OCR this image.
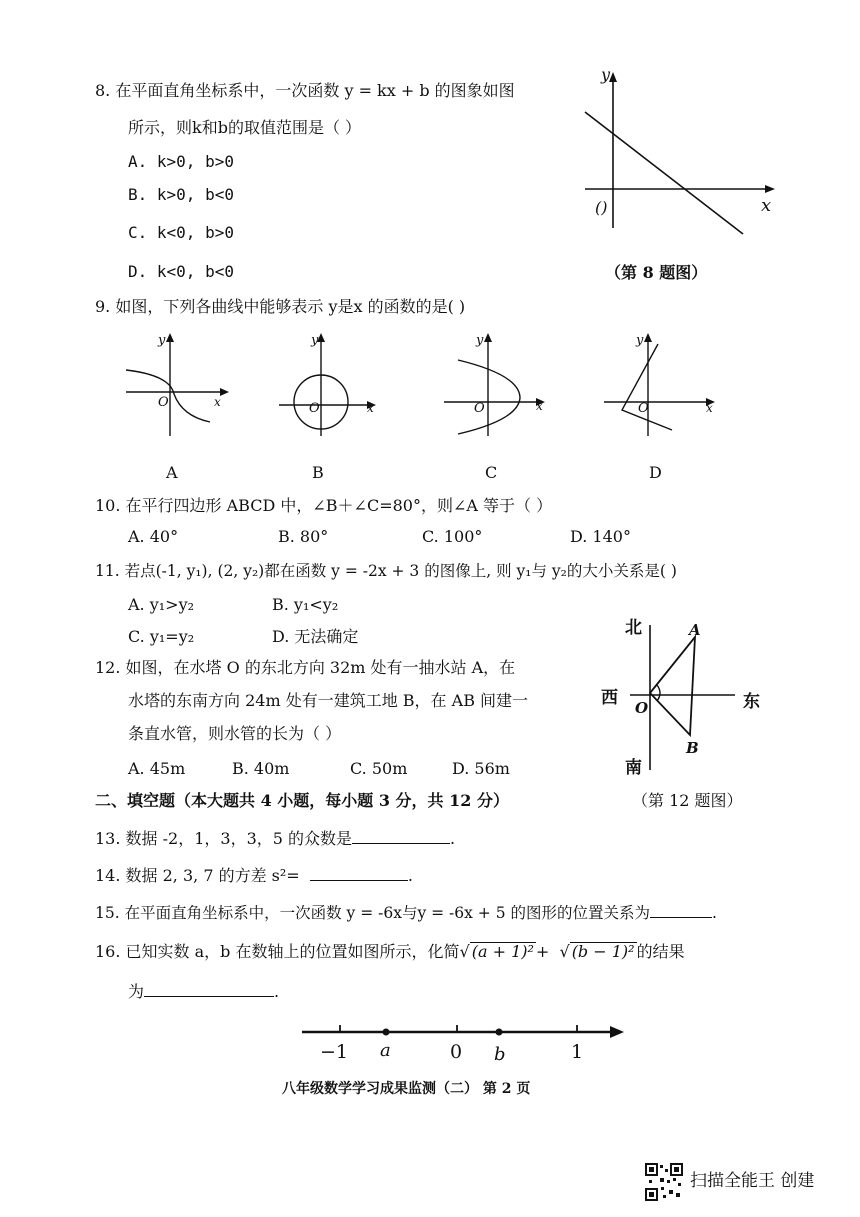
8. 在平面直角坐标系中，一次函数 y = kx + b 的图象如图
所示，则k和b的取值范围是（ ）
A. k>0, b>0
B. k>0, b<0
C. k<0, b>0
D. k<0, b<0
y
x
()
（第 8 题图）
9. 如图，下列各曲线中能够表示 y是x 的函数的是( )
y
x
O
y
x
O
y
x
O
y
x
O
A	B	C	D
10. 在平行四边形 ABCD 中，∠B＋∠C=80°，则∠A 等于（ ）
A. 40°	B. 80°	C. 100°	D. 140°
11. 若点(-1, y₁), (2, y₂)都在函数 y = -2x + 3 的图像上, 则 y₁与 y₂的大小关系是( )
A. y₁>y₂	B. y₁<y₂
C. y₁=y₂	D. 无法确定
12. 如图，在水塔 O 的东北方向 32m 处有一抽水站 A，在
水塔的东南方向 24m 处有一建筑工地 B，在 AB 间建一
条直水管，则水管的长为（ ）
A. 45m	B. 40m	C. 50m	D. 56m
北
南
西	东
A
B
O
（第 12 题图）
二、填空题（本大题共 4 小题，每小题 3 分，共 12 分）
13. 数据 -2，1，3，3，5 的众数是	.
14. 数据 2, 3, 7 的方差 s²=	.
15. 在平面直角坐标系中，一次函数 y = -6x与y = -6x + 5 的图形的位置关系为	.
16. 已知实数 a，b 在数轴上的位置如图所示，化简√ (a + 1)² + √ (b − 1)² 的结果
为	.
−1 a	0 b	1
八年级数学学习成果监测（二） 第 2 页
扫描全能王 创建
